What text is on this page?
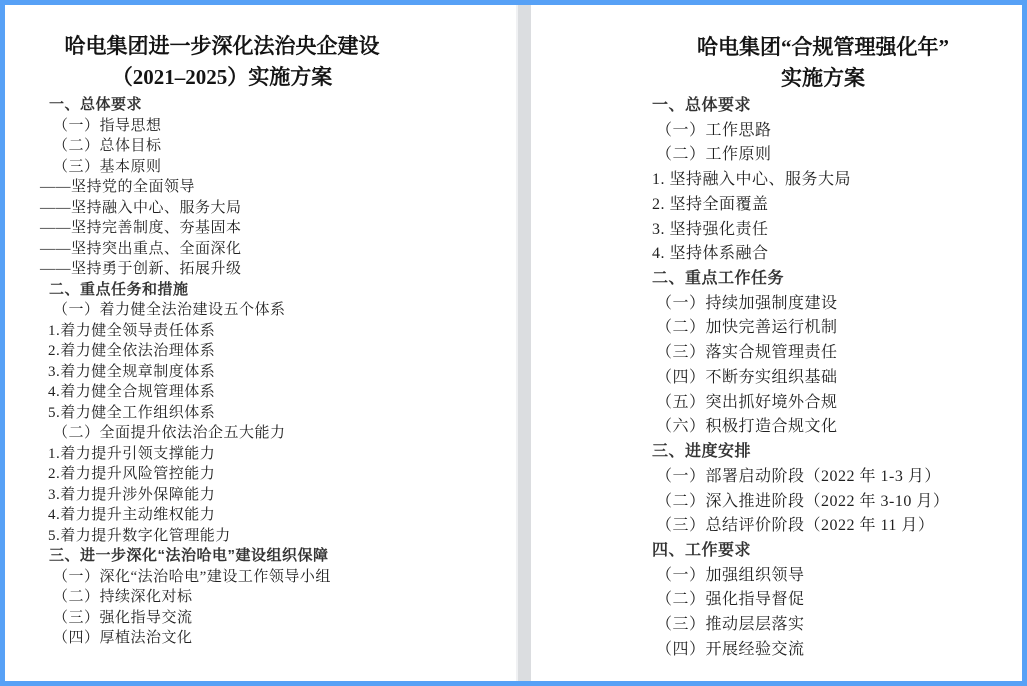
哈电集团进一步深化法治央企建设
（2021–2025）实施方案
一、总体要求
（一）指导思想
（二）总体目标
（三）基本原则
——坚持党的全面领导
——坚持融入中心、服务大局
——坚持完善制度、夯基固本
——坚持突出重点、全面深化
——坚持勇于创新、拓展升级
二、重点任务和措施
（一）着力健全法治建设五个体系
1.着力健全领导责任体系
2.着力健全依法治理体系
3.着力健全规章制度体系
4.着力健全合规管理体系
5.着力健全工作组织体系
（二）全面提升依法治企五大能力
1.着力提升引领支撑能力
2.着力提升风险管控能力
3.着力提升涉外保障能力
4.着力提升主动维权能力
5.着力提升数字化管理能力
三、进一步深化“法治哈电”建设组织保障
（一）深化“法治哈电”建设工作领导小组
（二）持续深化对标
（三）强化指导交流
（四）厚植法治文化
哈电集团“合规管理强化年”
实施方案
一、总体要求
（一）工作思路
（二）工作原则
1. 坚持融入中心、服务大局
2. 坚持全面覆盖
3. 坚持强化责任
4. 坚持体系融合
二、重点工作任务
（一）持续加强制度建设
（二）加快完善运行机制
（三）落实合规管理责任
（四）不断夯实组织基础
（五）突出抓好境外合规
（六）积极打造合规文化
三、进度安排
（一）部署启动阶段（2022 年 1-3 月）
（二）深入推进阶段（2022 年 3-10 月）
（三）总结评价阶段（2022 年 11 月）
四、工作要求
（一）加强组织领导
（二）强化指导督促
（三）推动层层落实
（四）开展经验交流
